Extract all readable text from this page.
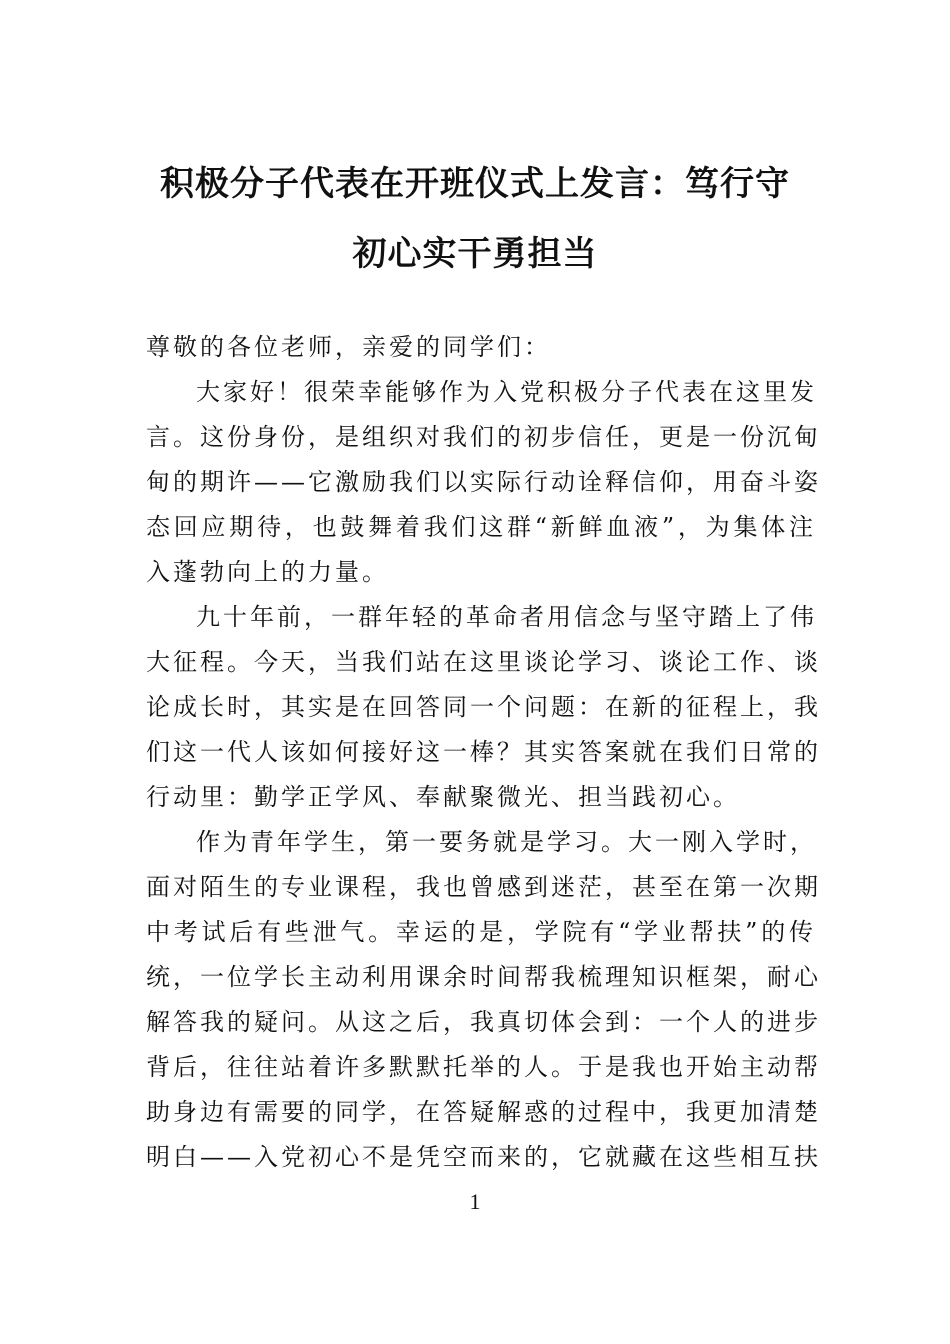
积极分子代表在开班仪式上发言：笃行守
初心实干勇担当
尊敬的各位老师，亲爱的同学们：
大家好！很荣幸能够作为入党积极分子代表在这里发
言。这份身份，是组织对我们的初步信任，更是一份沉甸
甸的期许——它激励我们以实际行动诠释信仰，用奋斗姿
态回应期待，也鼓舞着我们这群“新鲜血液”，为集体注
入蓬勃向上的力量。
九十年前，一群年轻的革命者用信念与坚守踏上了伟
大征程。今天，当我们站在这里谈论学习、谈论工作、谈
论成长时，其实是在回答同一个问题：在新的征程上，我
们这一代人该如何接好这一棒？其实答案就在我们日常的
行动里：勤学正学风、奉献聚微光、担当践初心。
作为青年学生，第一要务就是学习。大一刚入学时，
面对陌生的专业课程，我也曾感到迷茫，甚至在第一次期
中考试后有些泄气。幸运的是，学院有“学业帮扶”的传
统，一位学长主动利用课余时间帮我梳理知识框架，耐心
解答我的疑问。从这之后，我真切体会到：一个人的进步
背后，往往站着许多默默托举的人。于是我也开始主动帮
助身边有需要的同学，在答疑解惑的过程中，我更加清楚
明白——入党初心不是凭空而来的，它就藏在这些相互扶
1
